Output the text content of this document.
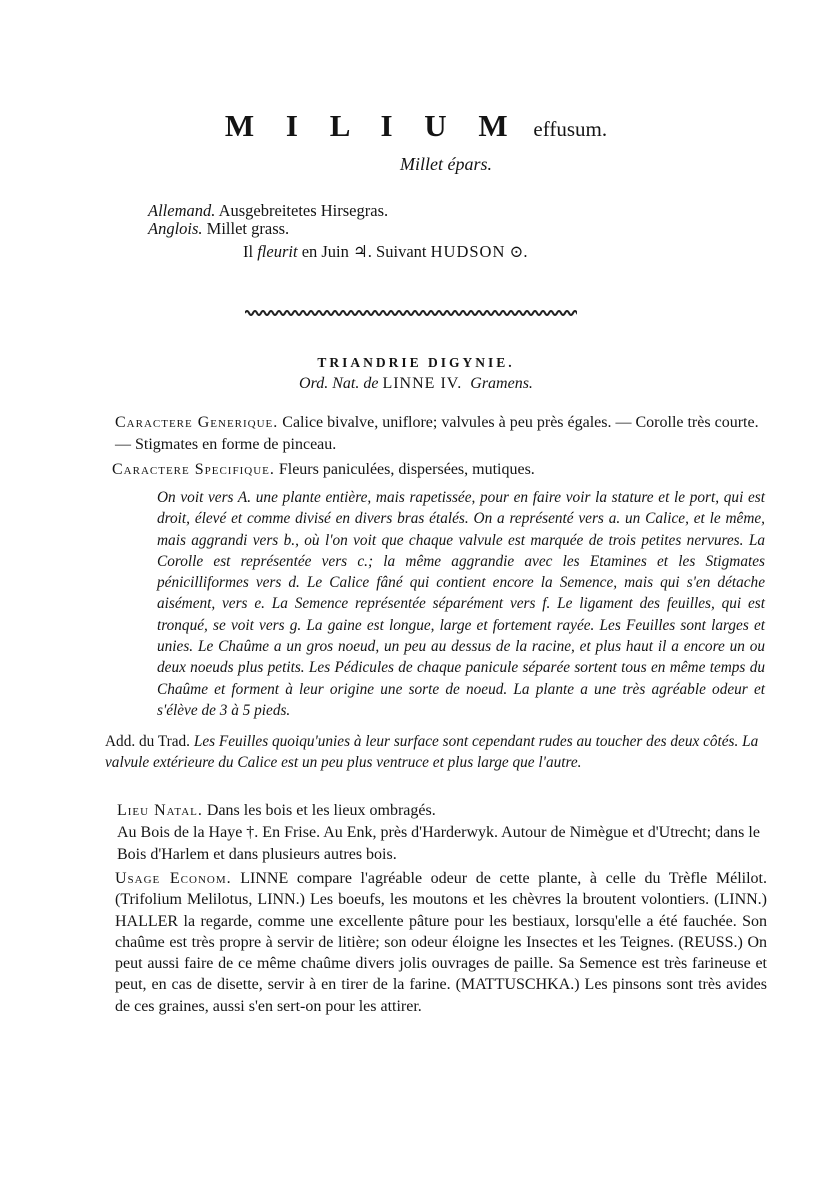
M I L I U M effusum.
Millet épars.
Allemand. Ausgebreitetes Hirsegras.
Anglois. Millet grass.
Il fleurit en Juin ♃. Suivant HUDSON ⊙.
TRIANDRIE DIGYNIE.
Ord. Nat. de LINNE IV. Gramens.
Caractere Generique. Calice bivalve, uniflore; valvules à peu près égales. — Corolle très courte. — Stigmates en forme de pinceau.
Caractere Specifique. Fleurs paniculées, dispersées, mutiques.
On voit vers A. une plante entière, mais rapetissée, pour en faire voir la stature et le port, qui est droit, élevé et comme divisé en divers bras étalés. On a représenté vers a. un Calice, et le même, mais aggrandi vers b., où l'on voit que chaque valvule est marquée de trois petites nervures. La Corolle est représentée vers c.; la même aggrandie avec les Etamines et les Stigmates pénicilliformes vers d. Le Calice fâné qui contient encore la Semence, mais qui s'en détache aisément, vers e. La Semence représentée séparément vers f. Le ligament des feuilles, qui est tronqué, se voit vers g. La gaine est longue, large et fortement rayée. Les Feuilles sont larges et unies. Le Chaûme a un gros noeud, un peu au dessus de la racine, et plus haut il a encore un ou deux noeuds plus petits. Les Pédicules de chaque panicule séparée sortent tous en même temps du Chaûme et forment à leur origine une sorte de noeud. La plante a une très agréable odeur et s'élève de 3 à 5 pieds.
Add. du Trad. Les Feuilles quoiqu'unies à leur surface sont cependant rudes au toucher des deux côtés. La valvule extérieure du Calice est un peu plus ventruce et plus large que l'autre.
Lieu Natal. Dans les bois et les lieux ombragés.
Au Bois de la Haye †. En Frise. Au Enk, près d'Harderwyk. Autour de Nimègue et d'Utrecht; dans le Bois d'Harlem et dans plusieurs autres bois.
Usage Econom. LINNE compare l'agréable odeur de cette plante, à celle du Trèfle Mélilot. (Trifolium Melilotus, LINN.) Les boeufs, les moutons et les chèvres la broutent volontiers. (LINN.) HALLER la regarde, comme une excellente pâture pour les bestiaux, lorsqu'elle a été fauchée. Son chaûme est très propre à servir de litière; son odeur éloigne les Insectes et les Teignes. (REUSS.) On peut aussi faire de ce même chaûme divers jolis ouvrages de paille. Sa Semence est très farineuse et peut, en cas de disette, servir à en tirer de la farine. (MATTUSCHKA.) Les pinsons sont très avides de ces graines, aussi s'en sert-on pour les attirer.
